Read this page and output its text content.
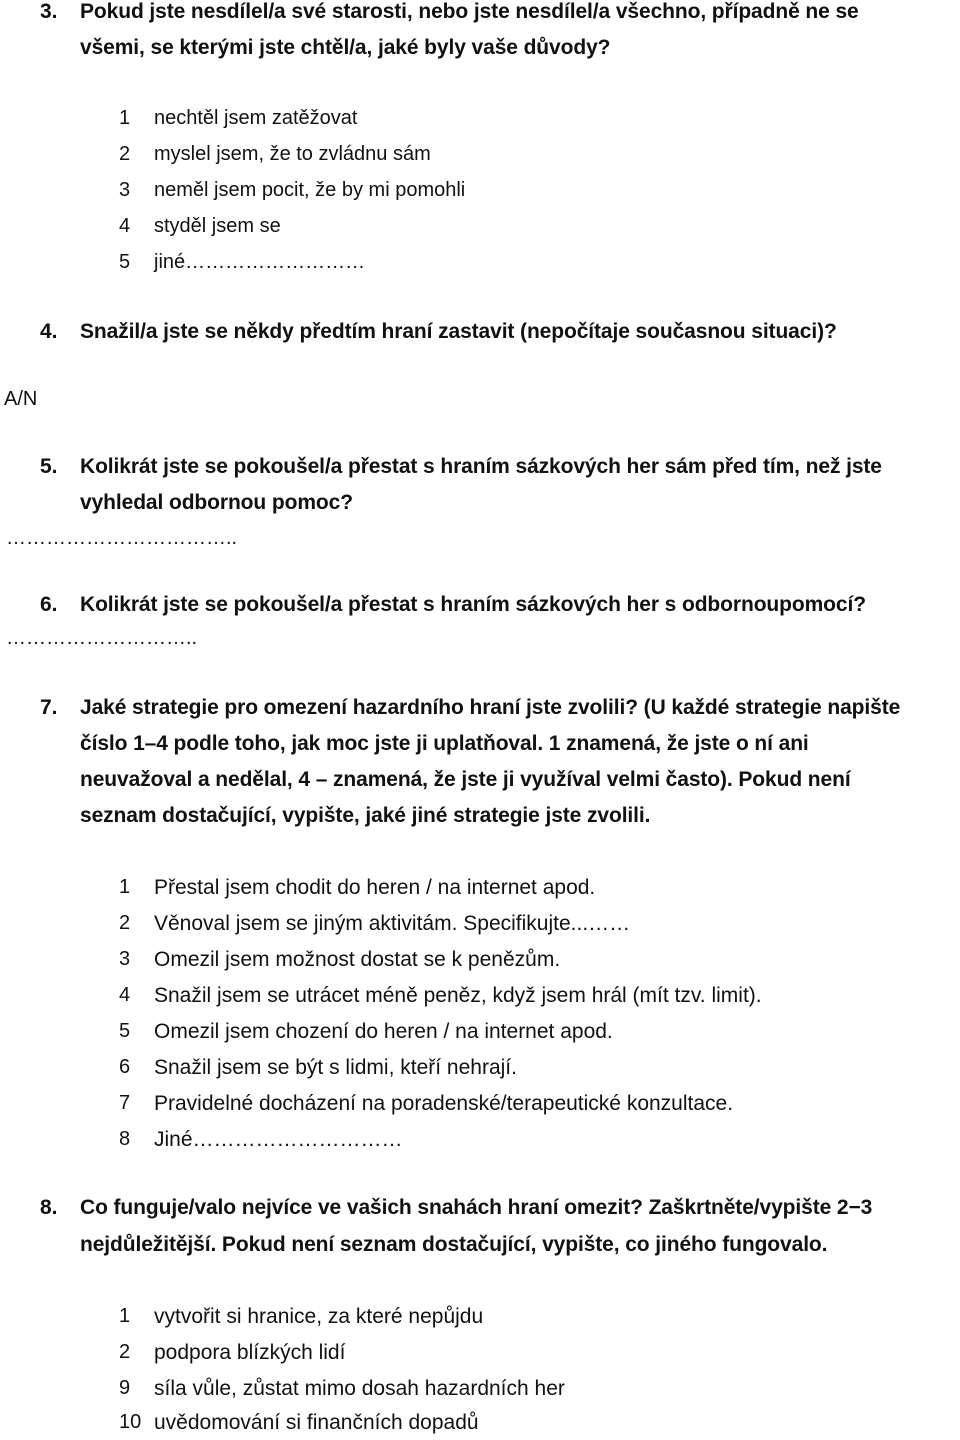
3. Pokud jste nesdílel/a své starosti, nebo jste nesdílel/a všechno, případně ne se
všemi, se kterými jste chtěl/a, jaké byly vaše důvody?
1 nechtěl jsem zatěžovat
2 myslel jsem, že to zvládnu sám
3 neměl jsem pocit, že by mi pomohli
4 styděl jsem se
5 jiné………………………
4. Snažil/a jste se někdy předtím hraní zastavit (nepočítaje současnou situaci)?
A/N
5. Kolikrát jste se pokoušel/a přestat s hraním sázkových her sám před tím, než jste
vyhledal odbornou pomoc?
……………………………..
6. Kolikrát jste se pokoušel/a přestat s hraním sázkových her s odbornoupomocí?
………………………..
7. Jaké strategie pro omezení hazardního hraní jste zvolili? (U každé strategie napište
číslo 1–4 podle toho, jak moc jste ji uplatňoval. 1 znamená, že jste o ní ani
neuvažoval a nedělal, 4 – znamená, že jste ji využíval velmi často). Pokud není
seznam dostačující, vypište, jaké jiné strategie jste zvolili.
1 Přestal jsem chodit do heren / na internet apod.
2 Věnoval jsem se jiným aktivitám. Specifikujte...……
3 Omezil jsem možnost dostat se k penězům.
4 Snažil jsem se utrácet méně peněz, když jsem hrál (mít tzv. limit).
5 Omezil jsem chození do heren / na internet apod.
6 Snažil jsem se být s lidmi, kteří nehrají.
7 Pravidelné docházení na poradenské/terapeutické konzultace.
8 Jiné…………………………
8. Co funguje/valo nejvíce ve vašich snahách hraní omezit? Zaškrtněte/vypište 2−3
nejdůležitější. Pokud není seznam dostačující, vypište, co jiného fungovalo.
1 vytvořit si hranice, za které nepůjdu
2 podpora blízkých lidí
9 síla vůle, zůstat mimo dosah hazardních her
10 uvědomování si finančních dopadů
